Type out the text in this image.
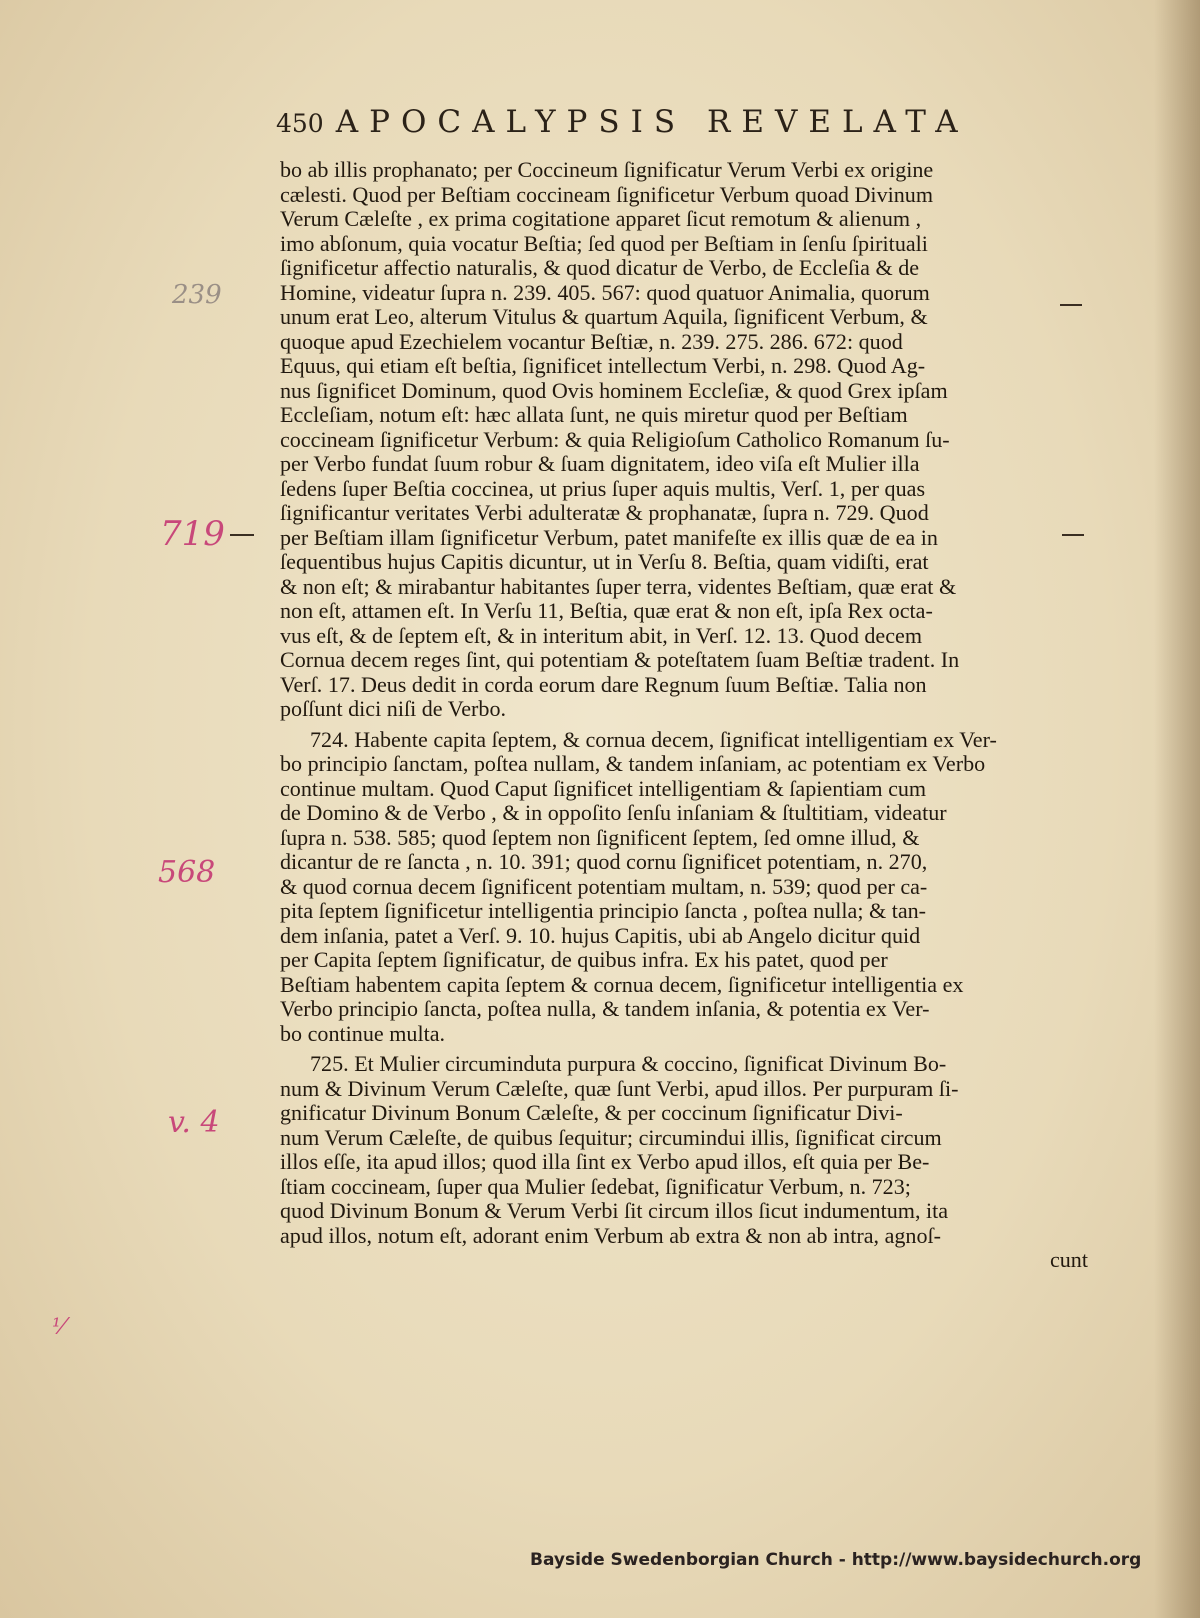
450 APOCALYPSIS REVELATA
bo ab illis prophanato; per Coccineum ſignificatur Verum Verbi ex origine
cælesti. Quod per Beſtiam coccineam ſignificetur Verbum quoad Divinum
Verum Cæleſte , ex prima cogitatione apparet ſicut remotum & alienum ,
imo abſonum, quia vocatur Beſtia; ſed quod per Beſtiam in ſenſu ſpirituali
ſignificetur affectio naturalis, & quod dicatur de Verbo, de Eccleſia & de
Homine, videatur ſupra n. 239. 405. 567: quod quatuor Animalia, quorum
unum erat Leo, alterum Vitulus & quartum Aquila, ſignificent Verbum, &
quoque apud Ezechielem vocantur Beſtiæ, n. 239. 275. 286. 672: quod
Equus, qui etiam eſt beſtia, ſignificet intellectum Verbi, n. 298. Quod Ag-
nus ſignificet Dominum, quod Ovis hominem Eccleſiæ, & quod Grex ipſam
Eccleſiam, notum eſt: hæc allata ſunt, ne quis miretur quod per Beſtiam
coccineam ſignificetur Verbum: & quia Religioſum Catholico Romanum ſu-
per Verbo fundat ſuum robur & ſuam dignitatem, ideo viſa eſt Mulier illa
ſedens ſuper Beſtia coccinea, ut prius ſuper aquis multis, Verſ. 1, per quas
ſignificantur veritates Verbi adulteratæ & prophanatæ, ſupra n. 729. Quod
per Beſtiam illam ſignificetur Verbum, patet manifeſte ex illis quæ de ea in
ſequentibus hujus Capitis dicuntur, ut in Verſu 8. Beſtia, quam vidiſti, erat
& non eſt; & mirabantur habitantes ſuper terra, videntes Beſtiam, quæ erat &
non eſt, attamen eſt. In Verſu 11, Beſtia, quæ erat & non eſt, ipſa Rex octa-
vus eſt, & de ſeptem eſt, & in interitum abit, in Verſ. 12. 13. Quod decem
Cornua decem reges ſint, qui potentiam & poteſtatem ſuam Beſtiæ tradent. In
Verſ. 17. Deus dedit in corda eorum dare Regnum ſuum Beſtiæ. Talia non
poſſunt dici niſi de Verbo.
724. Habente capita ſeptem, & cornua decem, ſignificat intelligentiam ex Ver-
bo principio ſanctam, poſtea nullam, & tandem inſaniam, ac potentiam ex Verbo
continue multam. Quod Caput ſignificet intelligentiam & ſapientiam cum
de Domino & de Verbo , & in oppoſito ſenſu inſaniam & ſtultitiam, videatur
ſupra n. 538. 585; quod ſeptem non ſignificent ſeptem, ſed omne illud, &
dicantur de re ſancta , n. 10. 391; quod cornu ſignificet potentiam, n. 270,
& quod cornua decem ſignificent potentiam multam, n. 539; quod per ca-
pita ſeptem ſignificetur intelligentia principio ſancta , poſtea nulla; & tan-
dem inſania, patet a Verſ. 9. 10. hujus Capitis, ubi ab Angelo dicitur quid
per Capita ſeptem ſignificatur, de quibus infra. Ex his patet, quod per
Beſtiam habentem capita ſeptem & cornua decem, ſignificetur intelligentia ex
Verbo principio ſancta, poſtea nulla, & tandem inſania, & potentia ex Ver-
bo continue multa.
725. Et Mulier circuminduta purpura & coccino, ſignificat Divinum Bo-
num & Divinum Verum Cæleſte, quæ ſunt Verbi, apud illos. Per purpuram ſi-
gnificatur Divinum Bonum Cæleſte, & per coccinum ſignificatur Divi-
num Verum Cæleſte, de quibus ſequitur; circumindui illis, ſignificat circum
illos eſſe, ita apud illos; quod illa ſint ex Verbo apud illos, eſt quia per Be-
ſtiam coccineam, ſuper qua Mulier ſedebat, ſignificatur Verbum, n. 723;
quod Divinum Bonum & Verum Verbi ſit circum illos ſicut indumentum, ita
apud illos, notum eſt, adorant enim Verbum ab extra & non ab intra, agnoſ-
cunt
239
719
568
v. 4
¹⁄
Bayside Swedenborgian Church - http://www.baysidechurch.org
